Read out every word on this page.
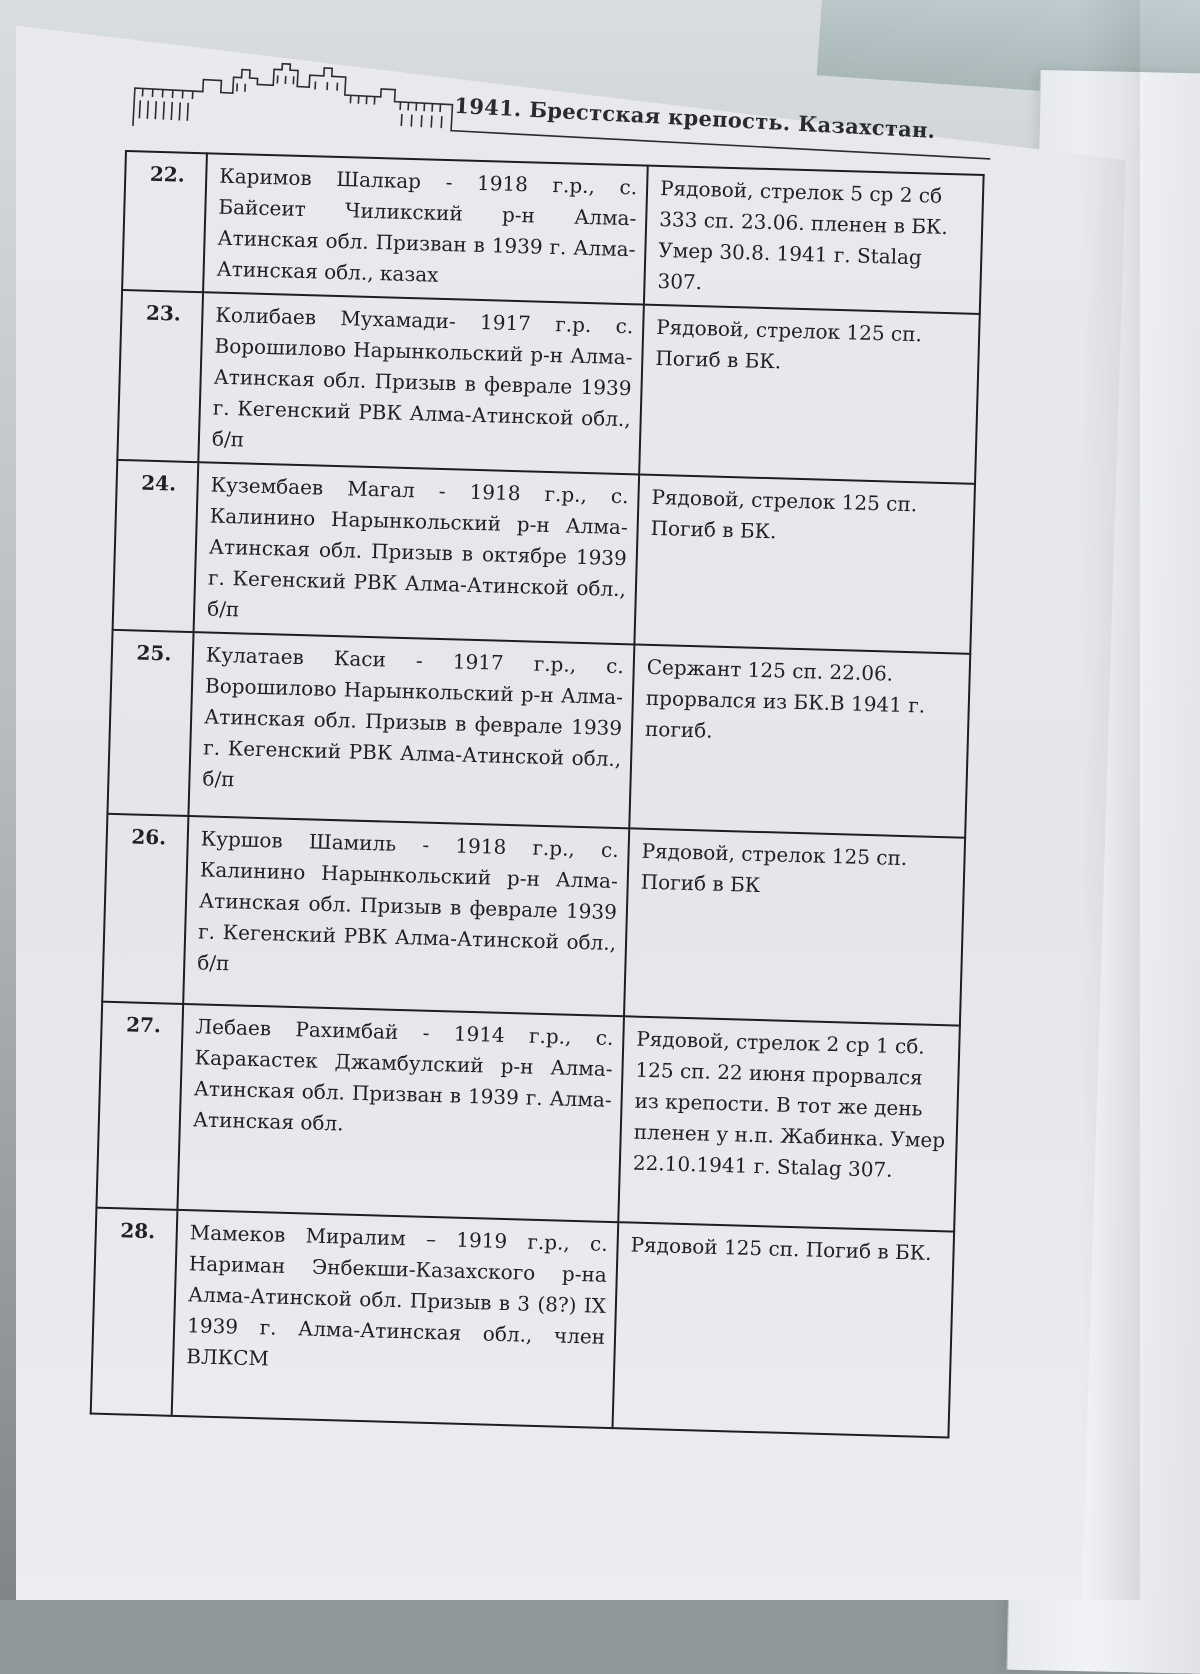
1941. Брестская крепость. Казахстан.
22.	Каримов Шалкар - 1918 г.р., с. Байсеит Чиликский р-н Алма-Атинская обл. Призван в 1939 г. Алма-Атинская обл., казах	Рядовой, стрелок 5 ср 2 сб 333 сп. 23.06. пленен в БК. Умер 30.8. 1941 г. Stalag 307.
23.	Колибаев Мухамади- 1917 г.р. с. Ворошилово Нарынкольский р-н Алма-Атинская обл. Призыв в феврале 1939 г. Кегенский РВК Алма-Атинской обл., б/п	Рядовой, стрелок 125 сп. Погиб в БК.
24.	Кузембаев Магал - 1918 г.р., с. Калинино Нарынкольский р-н Алма-Атинская обл. Призыв в октябре 1939 г. Кегенский РВК Алма-Атинской обл., б/п	Рядовой, стрелок 125 сп. Погиб в БК.
25.	Кулатаев Каси - 1917 г.р., с. Ворошилово Нарынкольский р-н Алма-Атинская обл. Призыв в феврале 1939 г. Кегенский РВК Алма-Атинской обл., б/п	Сержант 125 сп. 22.06. прорвался из БК.В 1941 г. погиб.
26.	Куршов Шамиль - 1918 г.р., с. Калинино Нарынкольский р-н Алма-Атинская обл. Призыв в феврале 1939 г. Кегенский РВК Алма-Атинской обл., б/п	Рядовой, стрелок 125 сп. Погиб в БК
27.	Лебаев Рахимбай - 1914 г.р., с. Каракастек Джамбулский р-н Алма-Атинская обл. Призван в 1939 г. Алма-Атинская обл.	Рядовой, стрелок 2 ср 1 сб. 125 сп. 22 июня прорвался из крепости. В тот же день пленен у н.п. Жабинка. Умер 22.10.1941 г. Stalag 307.
28.	Мамеков Миралим – 1919 г.р., с. Нариман Энбекши-Казахского р-на Алма-Атинской обл. Призыв в 3 (8?) IX 1939 г. Алма-Атинская обл., член ВЛКСМ	Рядовой 125 сп. Погиб в БК.
